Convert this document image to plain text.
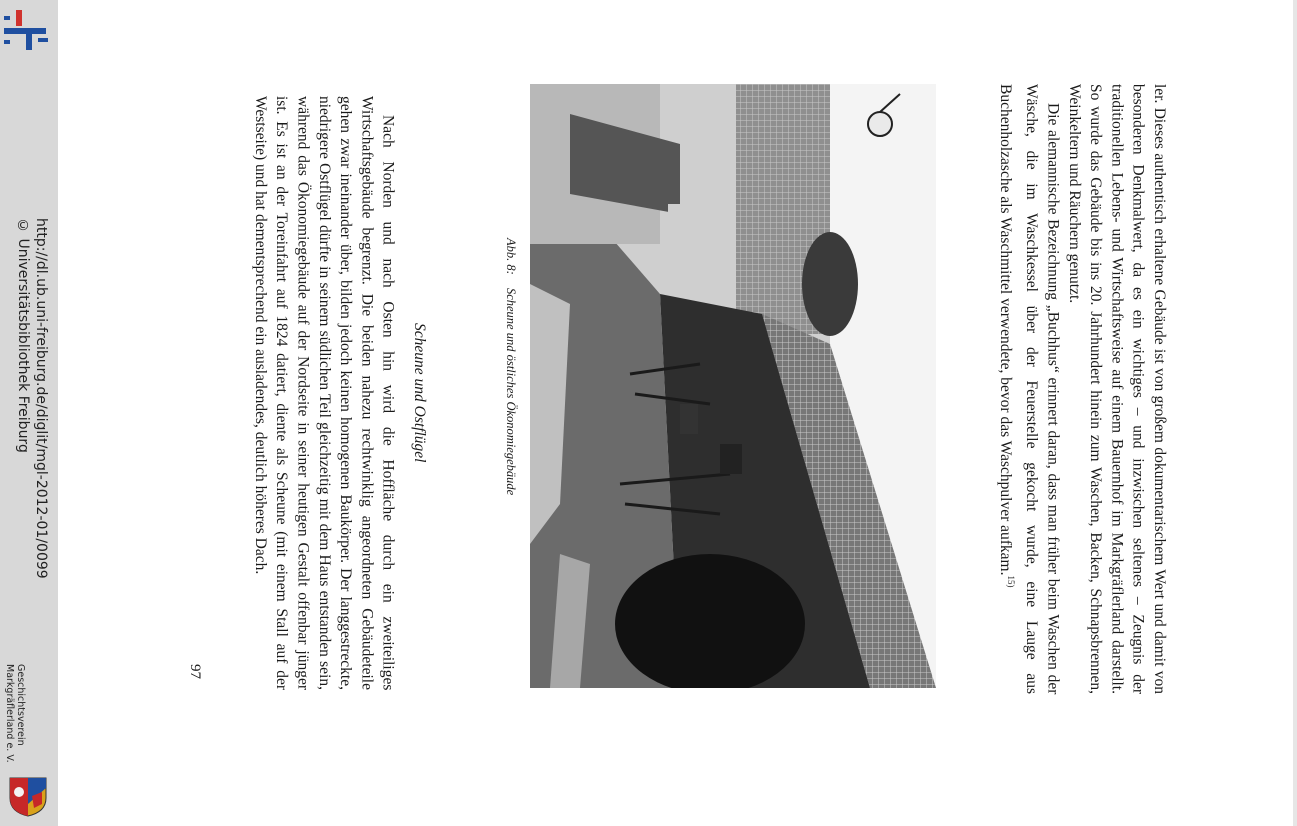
http://dl.ub.uni-freiburg.de/diglit/mgl-2012-01/0099
© Universitätsbibliothek Freiburg
Geschichtsverein
Markgräflerland e. V.

ler. Dieses authentisch erhaltene Gebäude ist von großem dokumentarischem Wert und damit von besonderen Denkmalwert, da es ein wichtiges – und inzwischen seltenes – Zeugnis der traditionellen Lebens- und Wirtschaftsweise auf einem Bauernhof im Markgräflerland darstellt. So wurde das Gebäude bis ins 20. Jahrhundert hinein zum Waschen, Backen, Schnapsbrennen, Weinkeltern und Räuchern genutzt.

Die alemannische Bezeichnung „Buchhus“ erinnert daran, dass man früher beim Waschen der Wäsche, die im Waschkessel über der Feuerstelle gekocht wurde, eine Lauge aus Buchenholzasche als Waschmittel verwendete, bevor das Waschpulver aufkam.$^{15)}$

Abb. 8: Scheune und östliches Ökonomiegebäude
Scheune und Ostflügel

Nach Norden und nach Osten hin wird die Hoffläche durch ein zweiteiliges Wirtschaftsgebäude begrenzt. Die beiden nahezu rechtwinklig angeordneten Gebäudeteile gehen zwar ineinander über, bilden jedoch keinen homogenen Baukörper. Der langgestreckte, niedrigere Ostflügel dürfte in seinem südlichen Teil gleichzeitig mit dem Haus entstanden sein, während das Ökonomiegebäude auf der Nordseite in seiner heutigen Gestalt offenbar jünger ist. Es ist an der Toreinfahrt auf 1824 datiert, diente als Scheune (mit einem Stall auf der Westseite) und hat dementsprechend ein ausladendes, deutlich höheres Dach.

97
